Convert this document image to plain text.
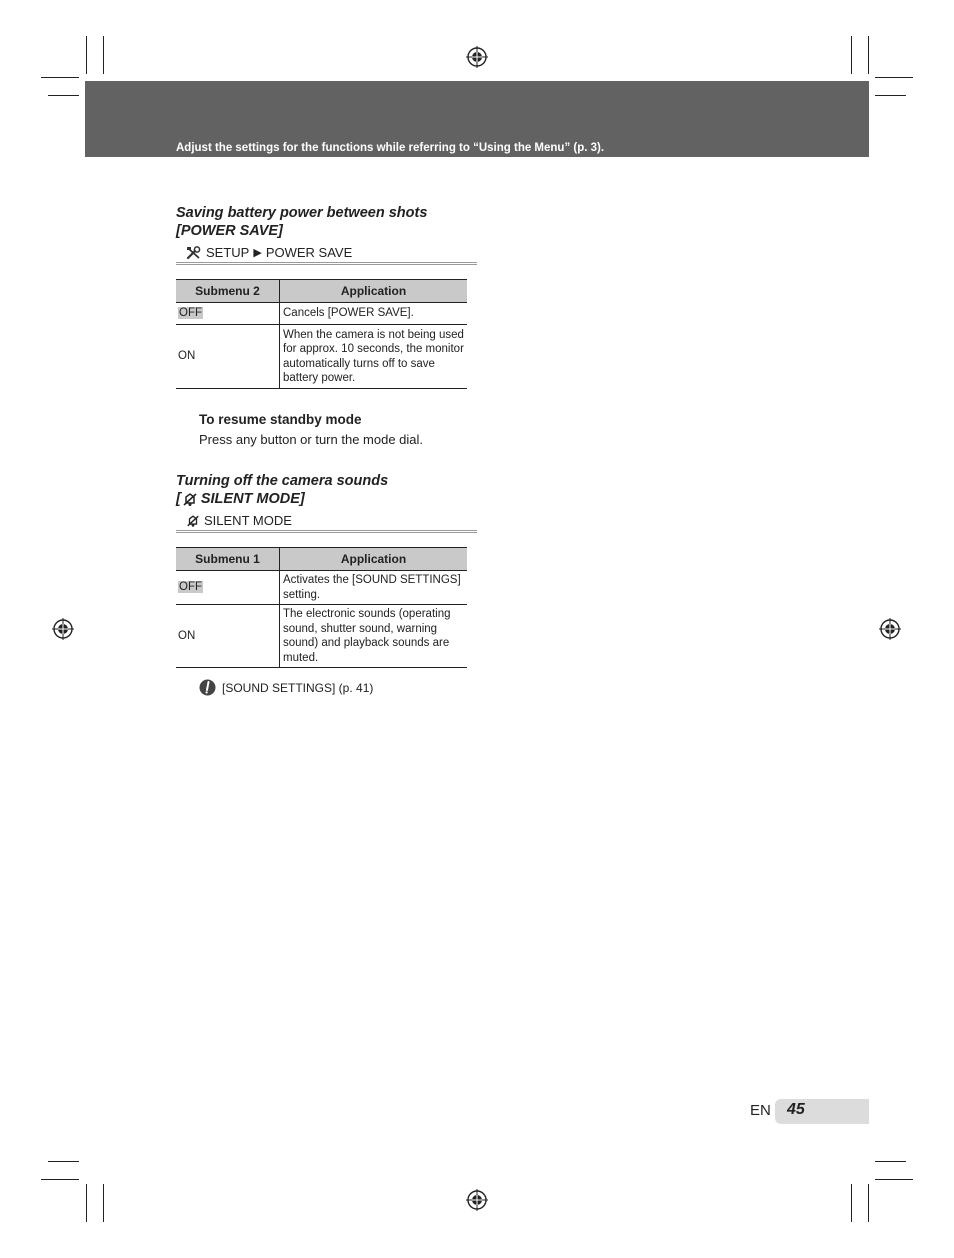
Adjust the settings for the functions while referring to “Using the Menu” (p. 3).
Saving battery power between shots
[POWER SAVE]
SETUP ▶ POWER SAVE
Submenu 2	Application
OFF	Cancels [POWER SAVE].
ON	When the camera is not being used for approx. 10 seconds, the monitor automatically turns off to save battery power.
To resume standby mode
Press any button or turn the mode dial.
Turning off the camera sounds
[ SILENT MODE]
SILENT MODE
Submenu 1	Application
OFF	Activates the [SOUND SETTINGS] setting.
ON	The electronic sounds (operating sound, shutter sound, warning sound) and playback sounds are muted.
[SOUND SETTINGS] (p. 41)
EN 45
